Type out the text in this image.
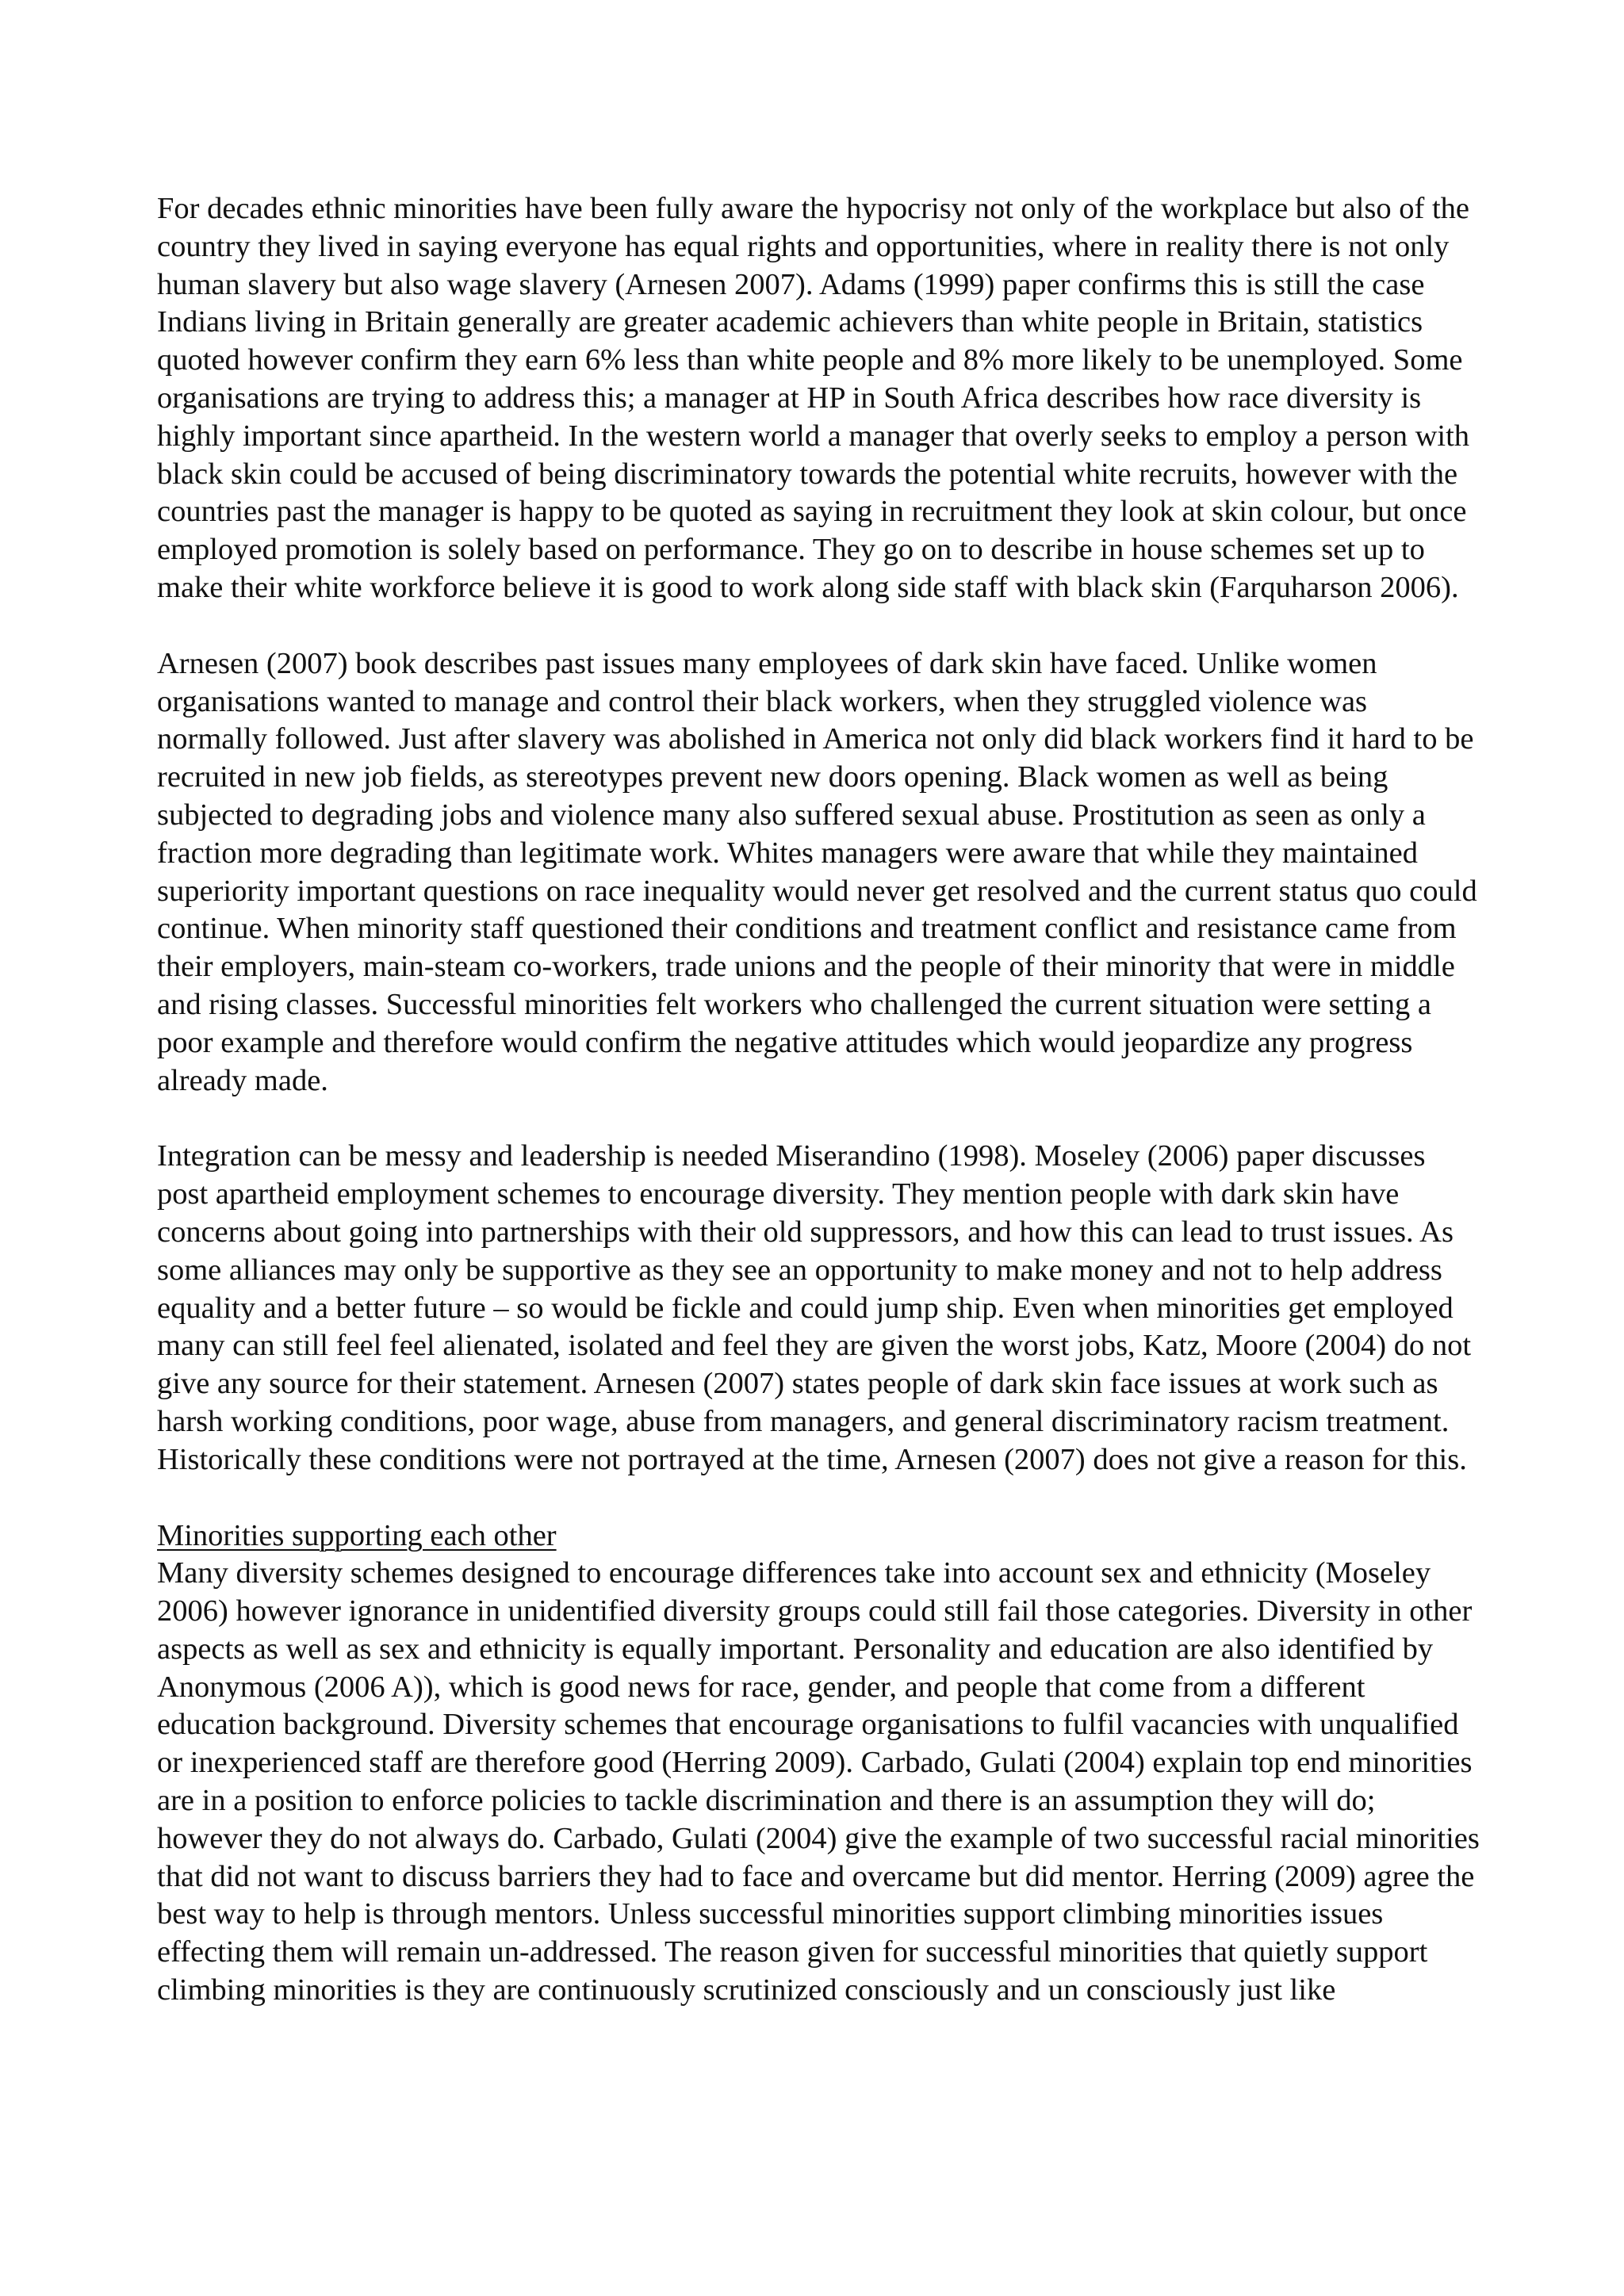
For decades ethnic minorities have been fully aware the hypocrisy not only of the workplace but also of the country they lived in saying everyone has equal rights and opportunities, where in reality there is not only human slavery but also wage slavery (Arnesen 2007). Adams (1999) paper confirms this is still the case Indians living in Britain generally are greater academic achievers than white people in Britain, statistics quoted however confirm they earn 6% less than white people and 8% more likely to be unemployed. Some organisations are trying to address this; a manager at HP in South Africa describes how race diversity is highly important since apartheid. In the western world a manager that overly seeks to employ a person with black skin could be accused of being discriminatory towards the potential white recruits, however with the countries past the manager is happy to be quoted as saying in recruitment they look at skin colour, but once employed promotion is solely based on performance. They go on to describe in house schemes set up to make their white workforce believe it is good to work along side staff with black skin (Farquharson 2006).

Arnesen (2007) book describes past issues many employees of dark skin have faced. Unlike women organisations wanted to manage and control their black workers, when they struggled violence was normally followed. Just after slavery was abolished in America not only did black workers find it hard to be recruited in new job fields, as stereotypes prevent new doors opening. Black women as well as being subjected to degrading jobs and violence many also suffered sexual abuse. Prostitution as seen as only a fraction more degrading than legitimate work. Whites managers were aware that while they maintained superiority important questions on race inequality would never get resolved and the current status quo could continue. When minority staff questioned their conditions and treatment conflict and resistance came from their employers, main-steam co-workers, trade unions and the people of their minority that were in middle and rising classes. Successful minorities felt workers who challenged the current situation were setting a poor example and therefore would confirm the negative attitudes which would jeopardize any progress already made.

Integration can be messy and leadership is needed Miserandino (1998). Moseley (2006) paper discusses post apartheid employment schemes to encourage diversity. They mention people with dark skin have concerns about going into partnerships with their old suppressors, and how this can lead to trust issues. As some alliances may only be supportive as they see an opportunity to make money and not to help address equality and a better future – so would be fickle and could jump ship. Even when minorities get employed many can still feel feel alienated, isolated and feel they are given the worst jobs, Katz, Moore (2004) do not give any source for their statement. Arnesen (2007) states people of dark skin face issues at work such as harsh working conditions, poor wage, abuse from managers, and general discriminatory racism treatment. Historically these conditions were not portrayed at the time, Arnesen (2007) does not give a reason for this.

Minorities supporting each other

Many diversity schemes designed to encourage differences take into account sex and ethnicity (Moseley 2006) however ignorance in unidentified diversity groups could still fail those categories. Diversity in other aspects as well as sex and ethnicity is equally important. Personality and education are also identified by Anonymous (2006 A)), which is good news for race, gender, and people that come from a different education background. Diversity schemes that encourage organisations to fulfil vacancies with unqualified or inexperienced staff are therefore good (Herring 2009). Carbado, Gulati (2004) explain top end minorities are in a position to enforce policies to tackle discrimination and there is an assumption they will do; however they do not always do. Carbado, Gulati (2004) give the example of two successful racial minorities that did not want to discuss barriers they had to face and overcame but did mentor. Herring (2009) agree the best way to help is through mentors. Unless successful minorities support climbing minorities issues effecting them will remain un-addressed. The reason given for successful minorities that quietly support climbing minorities is they are continuously scrutinized consciously and un consciously just like
